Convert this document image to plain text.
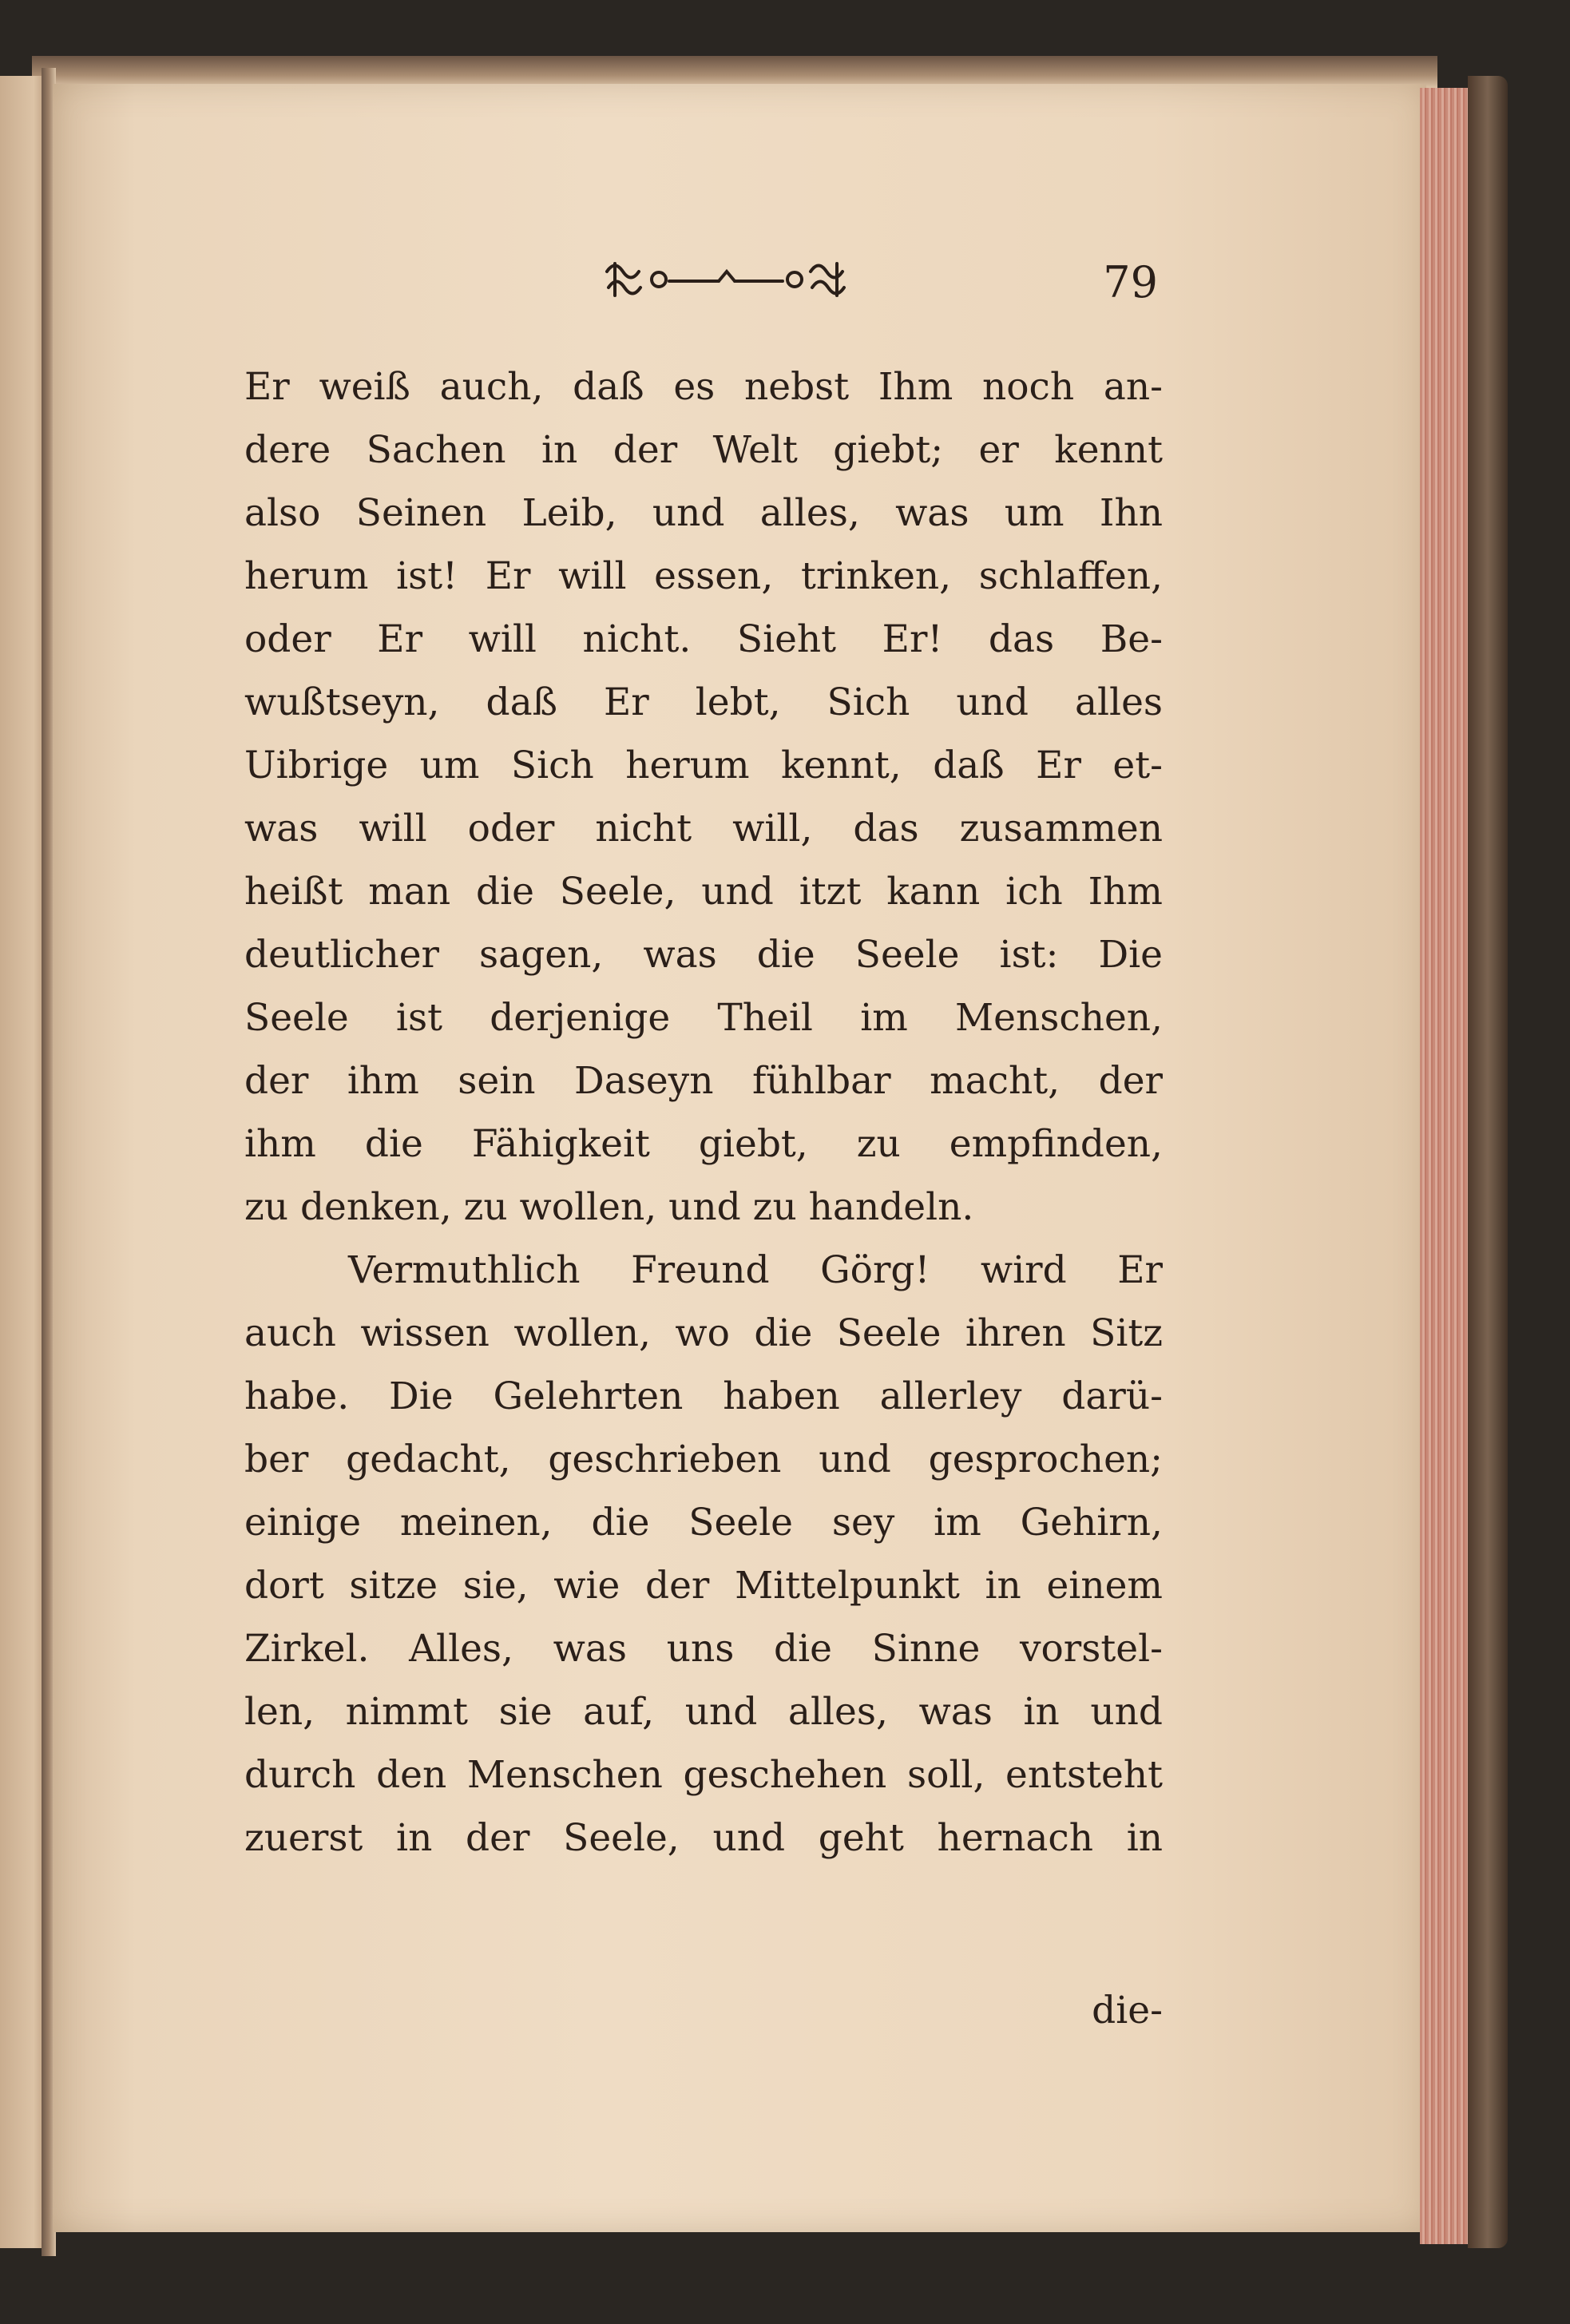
79
Er weiß auch, daß es nebst Ihm noch an-
dere Sachen in der Welt giebt; er kennt
also Seinen Leib, und alles, was um Ihn
herum ist! Er will essen, trinken, schlaffen,
oder Er will nicht. Sieht Er! das Be-
wußtseyn, daß Er lebt, Sich und alles
Uibrige um Sich herum kennt, daß Er et-
was will oder nicht will, das zusammen
heißt man die Seele, und itzt kann ich Ihm
deutlicher sagen, was die Seele ist: Die
Seele ist derjenige Theil im Menschen,
der ihm sein Daseyn fühlbar macht, der
ihm die Fähigkeit giebt, zu empfinden,
zu denken, zu wollen, und zu handeln.
Vermuthlich Freund Görg! wird Er
auch wissen wollen, wo die Seele ihren Sitz
habe. Die Gelehrten haben allerley darü-
ber gedacht, geschrieben und gesprochen;
einige meinen, die Seele sey im Gehirn,
dort sitze sie, wie der Mittelpunkt in einem
Zirkel. Alles, was uns die Sinne vorstel-
len, nimmt sie auf, und alles, was in und
durch den Menschen geschehen soll, entsteht
zuerst in der Seele, und geht hernach in
die-
